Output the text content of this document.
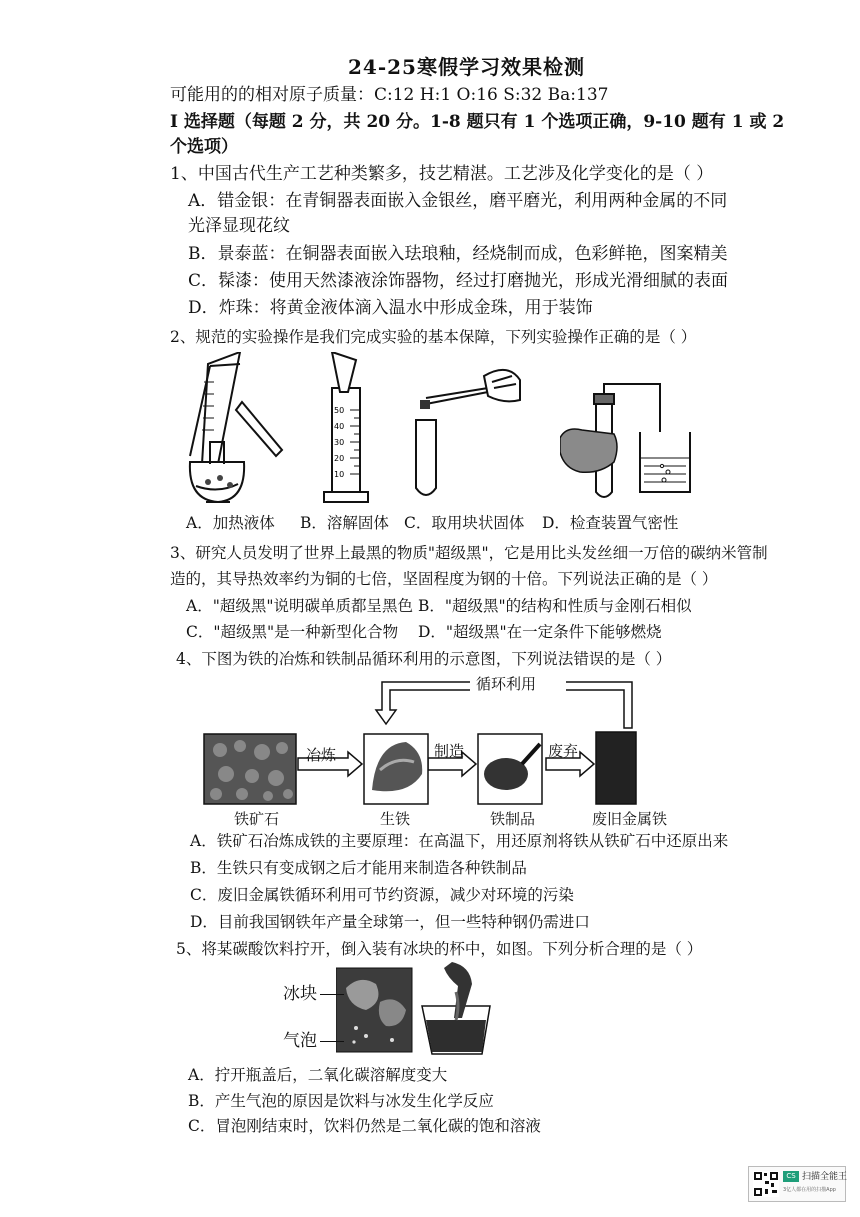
24-25寒假学习效果检测
可能用的的相对原子质量：C:12 H:1 O:16 S:32 Ba:137
I 选择题（每题 2 分，共 20 分。1-8 题只有 1 个选项正确，9-10 题有 1 或 2
个选项）
1、中国古代生产工艺种类繁多，技艺精湛。工艺涉及化学变化的是（ ）
A．错金银：在青铜器表面嵌入金银丝，磨平磨光，利用两种金属的不同
光泽显现花纹
B．景泰蓝：在铜器表面嵌入珐琅釉，经烧制而成，色彩鲜艳，图案精美
C．髹漆：使用天然漆液涂饰器物，经过打磨抛光，形成光滑细腻的表面
D．炸珠：将黄金液体滴入温水中形成金珠，用于装饰
2、规范的实验操作是我们完成实验的基本保障，下列实验操作正确的是（ ）
50
40
30
20
10
A．加热液体 B．溶解固体 C．取用块状固体 D．检查装置气密性
3、研究人员发明了世界上最黑的物质"超级黑"，它是用比头发丝细一万倍的碳纳米管制
造的，其导热效率约为铜的七倍，坚固程度为钢的十倍。下列说法正确的是（ ）
A．"超级黑"说明碳单质都呈黑色 B．"超级黑"的结构和性质与金刚石相似
C．"超级黑"是一种新型化合物 D．"超级黑"在一定条件下能够燃烧
4、下图为铁的冶炼和铁制品循环利用的示意图，下列说法错误的是（ ）
循环利用
冶炼	制造	废弃
铁矿石	生铁	铁制品	废旧金属铁
A．铁矿石冶炼成铁的主要原理：在高温下，用还原剂将铁从铁矿石中还原出来
B．生铁只有变成钢之后才能用来制造各种铁制品
C．废旧金属铁循环利用可节约资源，减少对环境的污染
D．目前我国钢铁年产量全球第一，但一些特种钢仍需进口
5、将某碳酸饮料拧开，倒入装有冰块的杯中，如图。下列分析合理的是（ ）
冰块
气泡
A．拧开瓶盖后，二氧化碳溶解度变大
B．产生气泡的原因是饮料与冰发生化学反应
C．冒泡刚结束时，饮料仍然是二氧化碳的饱和溶液
CS 扫描全能王
3亿人都在用的扫描App
